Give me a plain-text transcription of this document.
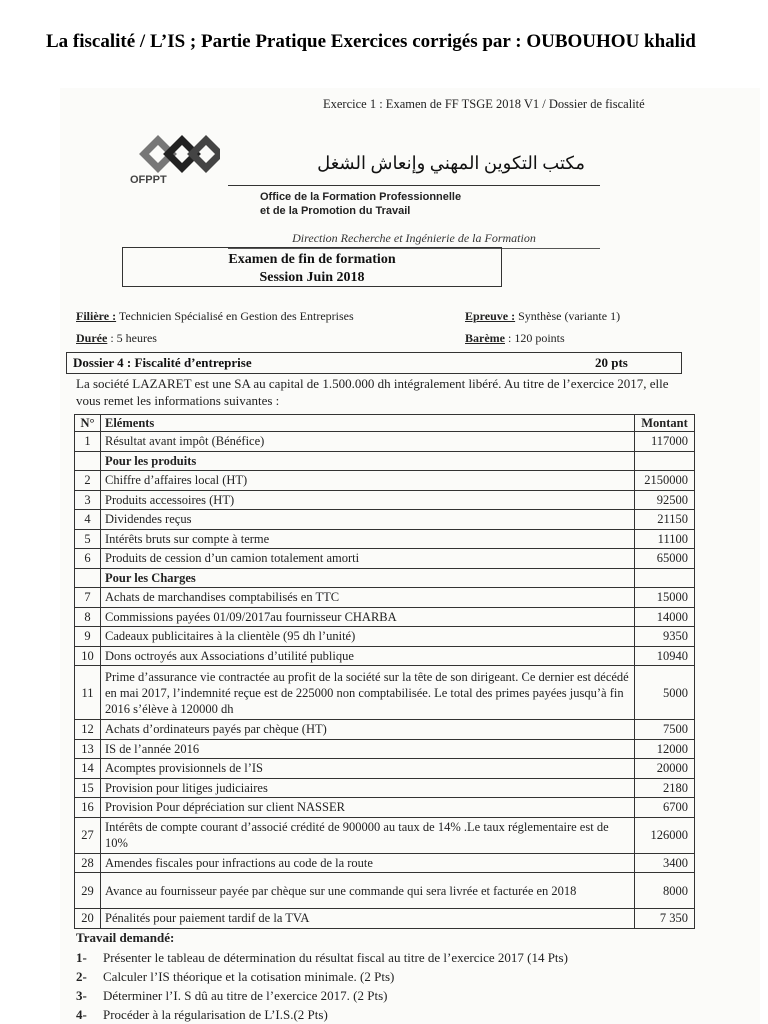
La fiscalité / L’IS ; Partie Pratique Exercices corrigés par : OUBOUHOU khalid
Exercice 1 : Examen de FF TSGE 2018 V1 / Dossier de fiscalité
OFPPT
مكتب التكوين المهني وإنعاش الشغل
Office de la Formation Professionnelle
et de la Promotion du Travail
Direction Recherche et Ingénierie de la Formation
Examen de fin de formation
Session Juin 2018
Filière : Technicien Spécialisé en Gestion des Entreprises	Epreuve : Synthèse (variante 1)
Durée : 5 heures	Barème : 120 points
Dossier 4 : Fiscalité d’entreprise	20 pts
La société LAZARET est une SA au capital de 1.500.000 dh intégralement libéré. Au titre de l’exercice 2017, elle vous remet les informations suivantes :
N°	Eléments	Montant
1	Résultat avant impôt (Bénéfice)	117000
	Pour les produits	
2	Chiffre d’affaires local (HT)	2150000
3	Produits accessoires (HT)	92500
4	Dividendes reçus	21150
5	Intérêts bruts sur compte à terme	11100
6	Produits de cession d’un camion totalement amorti	65000
	Pour les Charges	
7	Achats de marchandises comptabilisés en TTC	15000
8	Commissions payées 01/09/2017au fournisseur CHARBA	14000
9	Cadeaux publicitaires à la clientèle (95 dh l’unité)	9350
10	Dons octroyés aux Associations d’utilité publique	10940
11	Prime d’assurance vie contractée au profit de la société sur la tête de son dirigeant. Ce dernier est décédé en mai 2017, l’indemnité reçue est de 225000 non comptabilisée. Le total des primes payées jusqu’à fin 2016 s’élève à 120000 dh	5000
12	Achats d’ordinateurs payés par chèque (HT)	7500
13	IS de l’année 2016	12000
14	Acomptes provisionnels de l’IS	20000
15	Provision pour litiges judiciaires	2180
16	Provision Pour dépréciation sur client NASSER	6700
27	Intérêts de compte courant d’associé crédité de 900000 au taux de 14% .Le taux réglementaire est de 10%	126000
28	Amendes fiscales pour infractions au code de la route	3400
29	Avance au fournisseur payée par chèque sur une commande qui sera livrée et facturée en 2018	8000
20	Pénalités pour paiement tardif de la TVA	7 350
Travail demandé:
1-	Présenter le tableau de détermination du résultat fiscal au titre de l’exercice 2017 (14 Pts)
2-	Calculer l’IS théorique et la cotisation minimale. (2 Pts)
3-	Déterminer l’I. S dû au titre de l’exercice 2017. (2 Pts)
4-	Procéder à la régularisation de L’I.S.(2 Pts)
